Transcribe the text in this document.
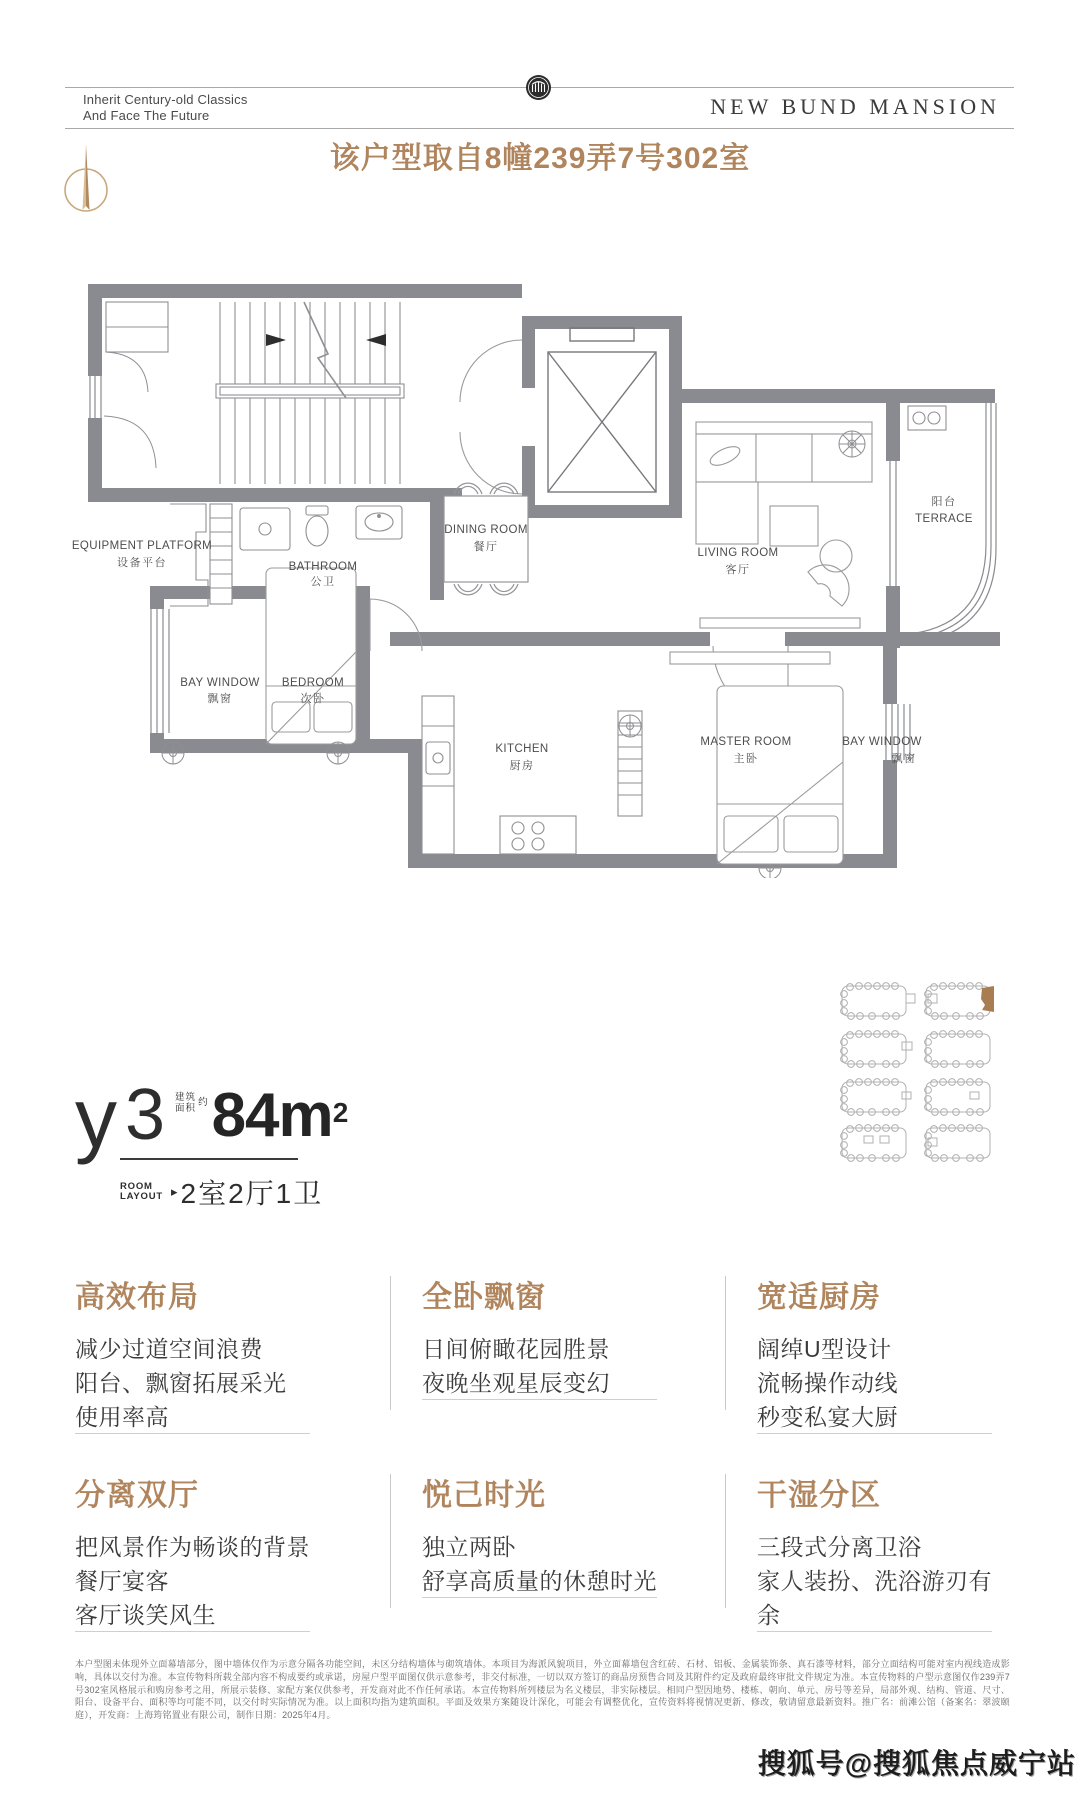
Inherit Century-old Classics
And Face The Future	NEW BUND MANSION
该户型取自8幢239弄7号302室
EQUIPMENT PLATFORM
设备平台	BATHROOM
公卫
BAY WINDOW
飘窗
BEDROOM
次卧
DINING ROOM
餐厅
KITCHEN
厨房
LIVING ROOM
客厅
阳台
TERRACE
MASTER ROOM
主卧
BAY WINDOW
飘窗
y 3 建筑
面积
约 $84m^2$
ROOM
LAYOUT ▸ 2室2厅1卫
高效布局
减少过道空间浪费
阳台、飘窗拓展采光
使用率高
全卧飘窗
日间俯瞰花园胜景
夜晚坐观星辰变幻
宽适厨房
阔绰U型设计
流畅操作动线
秒变私宴大厨
分离双厅
把风景作为畅谈的背景
餐厅宴客
客厅谈笑风生
悦己时光
独立两卧
舒享高质量的休憩时光
干湿分区
三段式分离卫浴
家人装扮、洗浴游刃有余
本户型图未体现外立面幕墙部分，图中墙体仅作为示意分隔各功能空间，未区分结构墙体与砌筑墙体。本项目为海派风貌项目，外立面幕墙包含红砖、石材、铝板、金属装饰条、真石漆等材料，部分立面结构可能对室内视线造成影响，具体以交付为准。本宣传物料所载全部内容不构成要约或承诺，房屋户型平面图仅供示意参考，非交付标准，一切以双方签订的商品房预售合同及其附件约定及政府最终审批文件规定为准。本宣传物料的户型示意图仅作239弄7号302室风格展示和购房参考之用，所展示装修、家配方案仅供参考，开发商对此不作任何承诺。本宣传物料所列楼层为名义楼层，非实际楼层。相同户型因地势、楼栋、朝向、单元、房号等差异，局部外观、结构、管道、尺寸、阳台、设备平台、面积等均可能不同，以交付时实际情况为准。以上面积均指为建筑面积。平面及效果方案随设计深化，可能会有调整优化，宣传资料将视情况更新、修改，敬请留意最新资料。推广名：前滩公馆（备案名：翠波颐庭），开发商：上海筠铭置业有限公司，制作日期：2025年4月。
搜狐号@搜狐焦点威宁站
